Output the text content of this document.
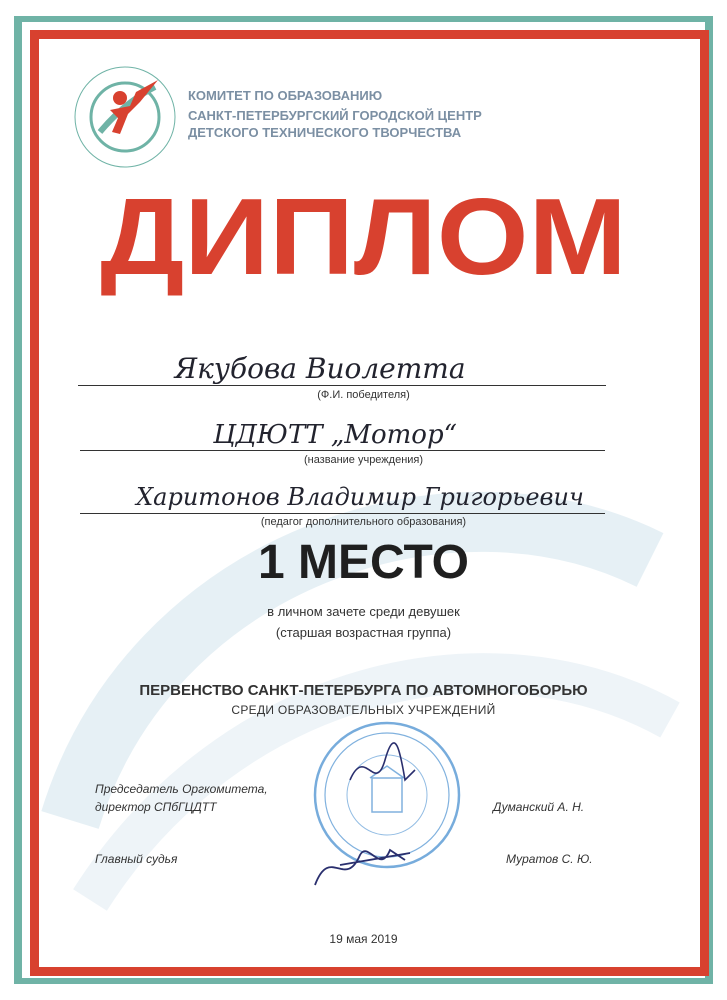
КОМИТЕТ ПО ОБРАЗОВАНИЮ
САНКТ-ПЕТЕРБУРГСКИЙ ГОРОДСКОЙ ЦЕНТР
ДЕТСКОГО ТЕХНИЧЕСКОГО ТВОРЧЕСТВА
ДИПЛОМ
Якубова Виолетта
(Ф.И. победителя)
ЦДЮТТ „Мотор“
(название учреждения)
Харитонов Владимир Григорьевич
(педагог дополнительного образования)
1 МЕСТО
в личном зачете среди девушек
(старшая возрастная группа)
ПЕРВЕНСТВО САНКТ-ПЕТЕРБУРГА ПО АВТОМНОГОБОРЬЮ
СРЕДИ ОБРАЗОВАТЕЛЬНЫХ УЧРЕЖДЕНИЙ
Председатель Оргкомитета,
директор СПбГЦДТТ	Думанский А. Н.
Главный судья	Муратов С. Ю.
19 мая 2019
